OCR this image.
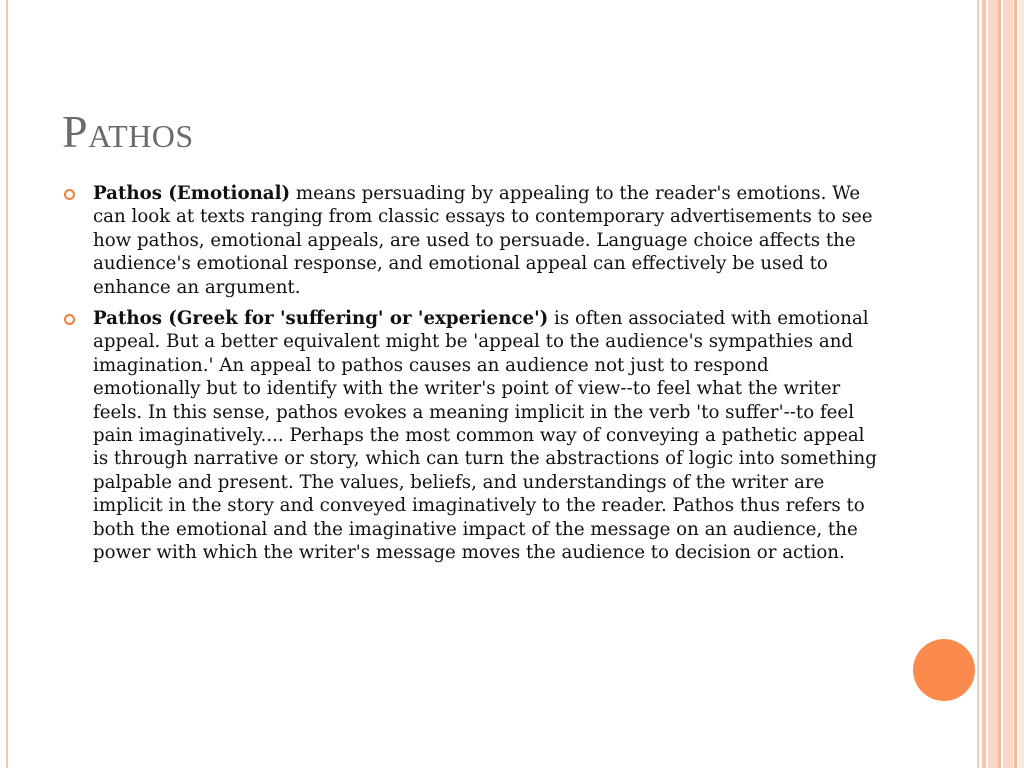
Pathos
Pathos (Emotional) means persuading by appealing to the reader's emotions. We can look at texts ranging from classic essays to contemporary advertisements to see how pathos, emotional appeals, are used to persuade. Language choice affects the audience's emotional response, and emotional appeal can effectively be used to enhance an argument.
Pathos (Greek for 'suffering' or 'experience') is often associated with emotional appeal. But a better equivalent might be 'appeal to the audience's sympathies and imagination.' An appeal to pathos causes an audience not just to respond emotionally but to identify with the writer's point of view--to feel what the writer feels. In this sense, pathos evokes a meaning implicit in the verb 'to suffer'--to feel pain imaginatively.... Perhaps the most common way of conveying a pathetic appeal is through narrative or story, which can turn the abstractions of logic into something palpable and present. The values, beliefs, and understandings of the writer are implicit in the story and conveyed imaginatively to the reader. Pathos thus refers to both the emotional and the imaginative impact of the message on an audience, the power with which the writer's message moves the audience to decision or action.
